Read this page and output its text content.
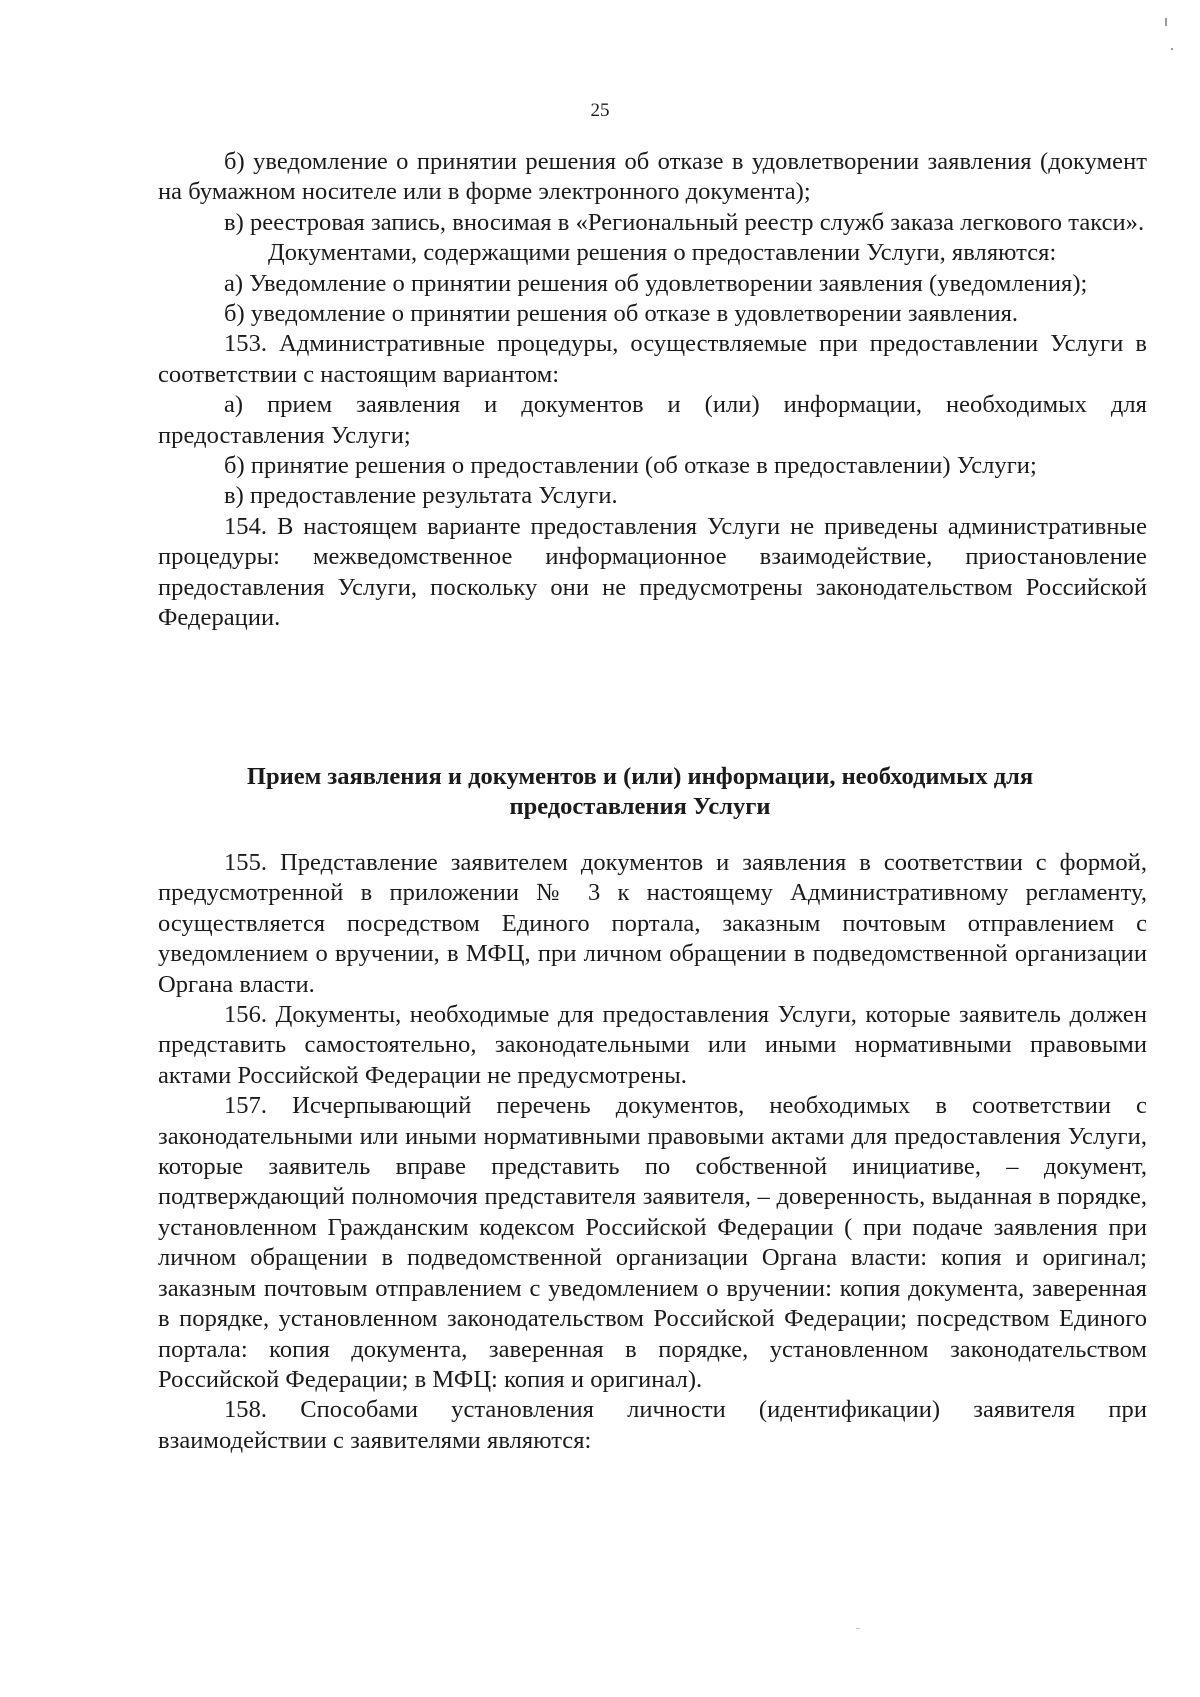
25

б) уведомление о принятии решения об отказе в удовлетворении заявления (документ на бумажном носителе или в форме электронного документа);

в) реестровая запись, вносимая в «Региональный реестр служб заказа легкового такси».

Документами, содержащими решения о предоставлении Услуги, являются:

а) Уведомление о принятии решения об удовлетворении заявления (уведомления);

б) уведомление о принятии решения об отказе в удовлетворении заявления.

153. Административные процедуры, осуществляемые при предоставлении Услуги в соответствии с настоящим вариантом:

а) прием заявления и документов и (или) информации, необходимых для предоставления Услуги;

б) принятие решения о предоставлении (об отказе в предоставлении) Услуги;

в) предоставление результата Услуги.

154. В настоящем варианте предоставления Услуги не приведены административные процедуры: межведомственное информационное взаимодействие, приостановление предоставления Услуги, поскольку они не предусмотрены законодательством Российской Федерации.

Прием заявления и документов и (или) информации, необходимых для
предоставления Услуги

155. Представление заявителем документов и заявления в соответствии с формой, предусмотренной в приложении № 3 к настоящему Административному регламенту, осуществляется посредством Единого портала, заказным почтовым отправлением с уведомлением о вручении, в МФЦ, при личном обращении в подведомственной организации Органа власти.

156. Документы, необходимые для предоставления Услуги, которые заявитель должен представить самостоятельно, законодательными или иными нормативными правовыми актами Российской Федерации не предусмотрены.

157. Исчерпывающий перечень документов, необходимых в соответствии с законодательными или иными нормативными правовыми актами для предоставления Услуги, которые заявитель вправе представить по собственной инициативе, – документ, подтверждающий полномочия представителя заявителя, – доверенность, выданная в порядке, установленном Гражданским кодексом Российской Федерации ( при подаче заявления при личном обращении в подведомственной организации Органа власти: копия и оригинал; заказным почтовым отправлением с уведомлением о вручении: копия документа, заверенная в порядке, установленном законодательством Российской Федерации; посредством Единого портала: копия документа, заверенная в порядке, установленном законодательством Российской Федерации; в МФЦ: копия и оригинал).

158. Способами установления личности (идентификации) заявителя при взаимодействии с заявителями являются:
